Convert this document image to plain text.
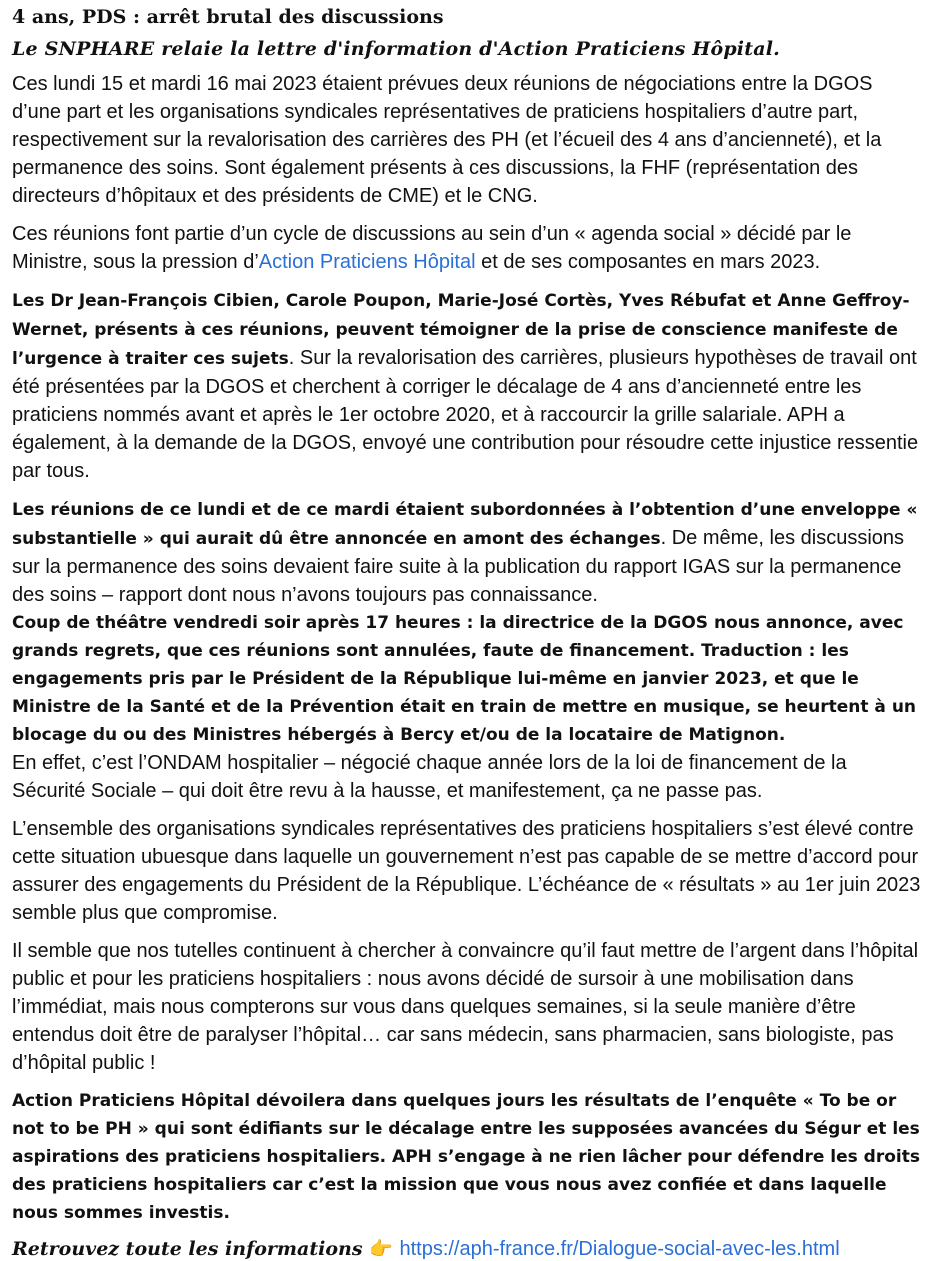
4 ans, PDS : arrêt brutal des discussions
Le SNPHARE relaie la lettre d'information d'Action Praticiens Hôpital.

Ces lundi 15 et mardi 16 mai 2023 étaient prévues deux réunions de négociations entre la DGOS d’une part et les organisations syndicales représentatives de praticiens hospitaliers d’autre part, respectivement sur la revalorisation des carrières des PH (et l’écueil des 4 ans d’ancienneté), et la permanence des soins. Sont également présents à ces discussions, la FHF (représentation des directeurs d’hôpitaux et des présidents de CME) et le CNG.

Ces réunions font partie d’un cycle de discussions au sein d’un « agenda social » décidé par le Ministre, sous la pression d’Action Praticiens Hôpital et de ses composantes en mars 2023.

Les Dr Jean-François Cibien, Carole Poupon, Marie-José Cortès, Yves Rébufat et Anne Geffroy-Wernet, présents à ces réunions, peuvent témoigner de la prise de conscience manifeste de l’urgence à traiter ces sujets. Sur la revalorisation des carrières, plusieurs hypothèses de travail ont été présentées par la DGOS et cherchent à corriger le décalage de 4 ans d’ancienneté entre les praticiens nommés avant et après le 1er octobre 2020, et à raccourcir la grille salariale. APH a également, à la demande de la DGOS, envoyé une contribution pour résoudre cette injustice ressentie par tous.

Les réunions de ce lundi et de ce mardi étaient subordonnées à l’obtention d’une enveloppe « substantielle » qui aurait dû être annoncée en amont des échanges. De même, les discussions sur la permanence des soins devaient faire suite à la publication du rapport IGAS sur la permanence des soins – rapport dont nous n’avons toujours pas connaissance.

Coup de théâtre vendredi soir après 17 heures : la directrice de la DGOS nous annonce, avec grands regrets, que ces réunions sont annulées, faute de financement. Traduction : les engagements pris par le Président de la République lui-même en janvier 2023, et que le Ministre de la Santé et de la Prévention était en train de mettre en musique, se heurtent à un blocage du ou des Ministres hébergés à Bercy et/ou de la locataire de Matignon.

En effet, c’est l’ONDAM hospitalier – négocié chaque année lors de la loi de financement de la Sécurité Sociale – qui doit être revu à la hausse, et manifestement, ça ne passe pas.

L’ensemble des organisations syndicales représentatives des praticiens hospitaliers s’est élevé contre cette situation ubuesque dans laquelle un gouvernement n’est pas capable de se mettre d’accord pour assurer des engagements du Président de la République. L’échéance de « résultats » au 1er juin 2023 semble plus que compromise.

Il semble que nos tutelles continuent à chercher à convaincre qu’il faut mettre de l’argent dans l’hôpital public et pour les praticiens hospitaliers : nous avons décidé de sursoir à une mobilisation dans l’immédiat, mais nous compterons sur vous dans quelques semaines, si la seule manière d’être entendus doit être de paralyser l’hôpital… car sans médecin, sans pharmacien, sans biologiste, pas d’hôpital public !

Action Praticiens Hôpital dévoilera dans quelques jours les résultats de l’enquête « To be or not to be PH » qui sont édifiants sur le décalage entre les supposées avancées du Ségur et les aspirations des praticiens hospitaliers. APH s’engage à ne rien lâcher pour défendre les droits des praticiens hospitaliers car c’est la mission que vous nous avez confiée et dans laquelle nous sommes investis.

Retrouvez toute les informations 👉 https://aph-france.fr/Dialogue-social-avec-les.html
